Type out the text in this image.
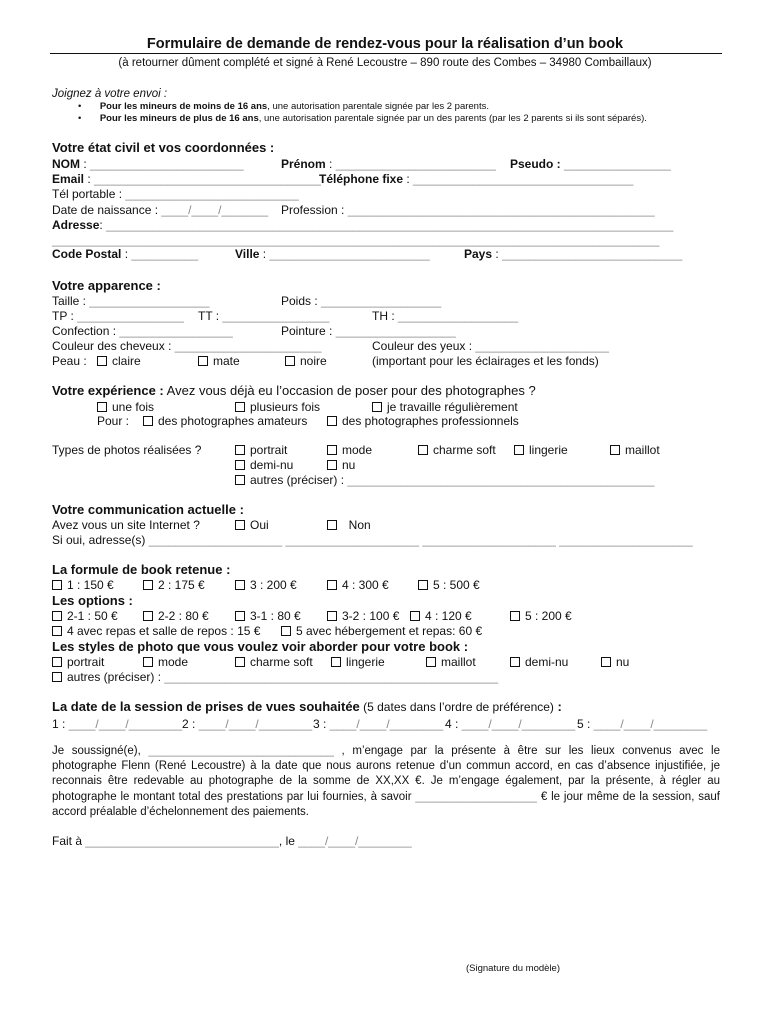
Formulaire de demande de rendez-vous pour la réalisation d’un book
(à retourner dûment complété et signé à René Lecoustre – 890 route des Combes – 34980 Combaillaux)
Joignez à votre envoi :
•       Pour les mineurs de moins de 16 ans, une autorisation parentale signée par les 2 parents.
•       Pour les mineurs de plus de 16 ans, une autorisation parentale signée par un des parents (par les 2 parents si ils sont séparés).
Votre état civil et vos coordonnées :
NOM : _______________________	Prénom : ________________________ Pseudo : ________________
Email : __________________________________
Téléphone fixe : _________________________________
Tél portable : __________________________
Date de naissance : ____/____/_______ Profession : ______________________________________________
Adresse: _____________________________________________________________________________________
___________________________________________________________________________________________
Code Postal : __________	Ville : ________________________	Pays : ___________________________
Votre apparence :
Taille : __________________	Poids : __________________
TP : ________________ TT : ________________	TH : __________________
Confection : _________________	Pointure : __________________
Couleur des cheveux : ______________________	Couleur des yeux : ____________________
Peau :	claire	mate	noire	(important pour les éclairages et les fonds)
Votre expérience : Avez vous déjà eu l’occasion de poser pour des photographes ?
une fois	plusieurs fois	je travaille régulièrement
Pour :	des photographes amateurs	des photographes professionnels
Types de photos réalisées ?	portrait	mode	charme soft	lingerie	maillot
demi-nu	nu
autres (préciser) : ______________________________________________
Votre communication actuelle :
Avez vous un site Internet ?	Oui	Non
Si oui, adresse(s) ____________________ ____________________ ____________________ ____________________
La formule de book retenue :
1 : 150 €	2 : 175 €	3 : 200 €	4 : 300 €	5 : 500 €
Les options :
2-1 : 50 €	2-2 : 80 €	3-1 : 80 €	3-2 : 100 €	4 : 120 €	5 : 200 €
4 avec repas et salle de repos : 15 €	5 avec hébergement et repas: 60 €
Les styles de photo que vous voulez voir aborder pour votre book :
portrait	mode	charme soft	lingerie	maillot	demi-nu	nu
autres (préciser) : __________________________________________________
La date de la session de prises de vues souhaitée (5 dates dans l’ordre de préférence) :
1 : ____/____/________ 2 : ____/____/________ 3 : ____/____/________ 4 : ____/____/________ 5 : ____/____/________
Je soussigné(e), _____________________________ , m’engage par la présente à être sur les lieux convenus avec le photographe Flenn (René Lecoustre) à la date que nous aurons retenue d’un commun accord, en cas d’absence injustifiée, je reconnais être redevable au photographe de la somme de XX,XX €. Je m’engage également, par la présente, à régler au photographe le montant total des prestations par lui fournies, à savoir ___________________ € le jour même de la session, sauf accord préalable d’échelonnement des paiements.
Fait à _____________________________, le ____/____/________
(Signature du modèle)
